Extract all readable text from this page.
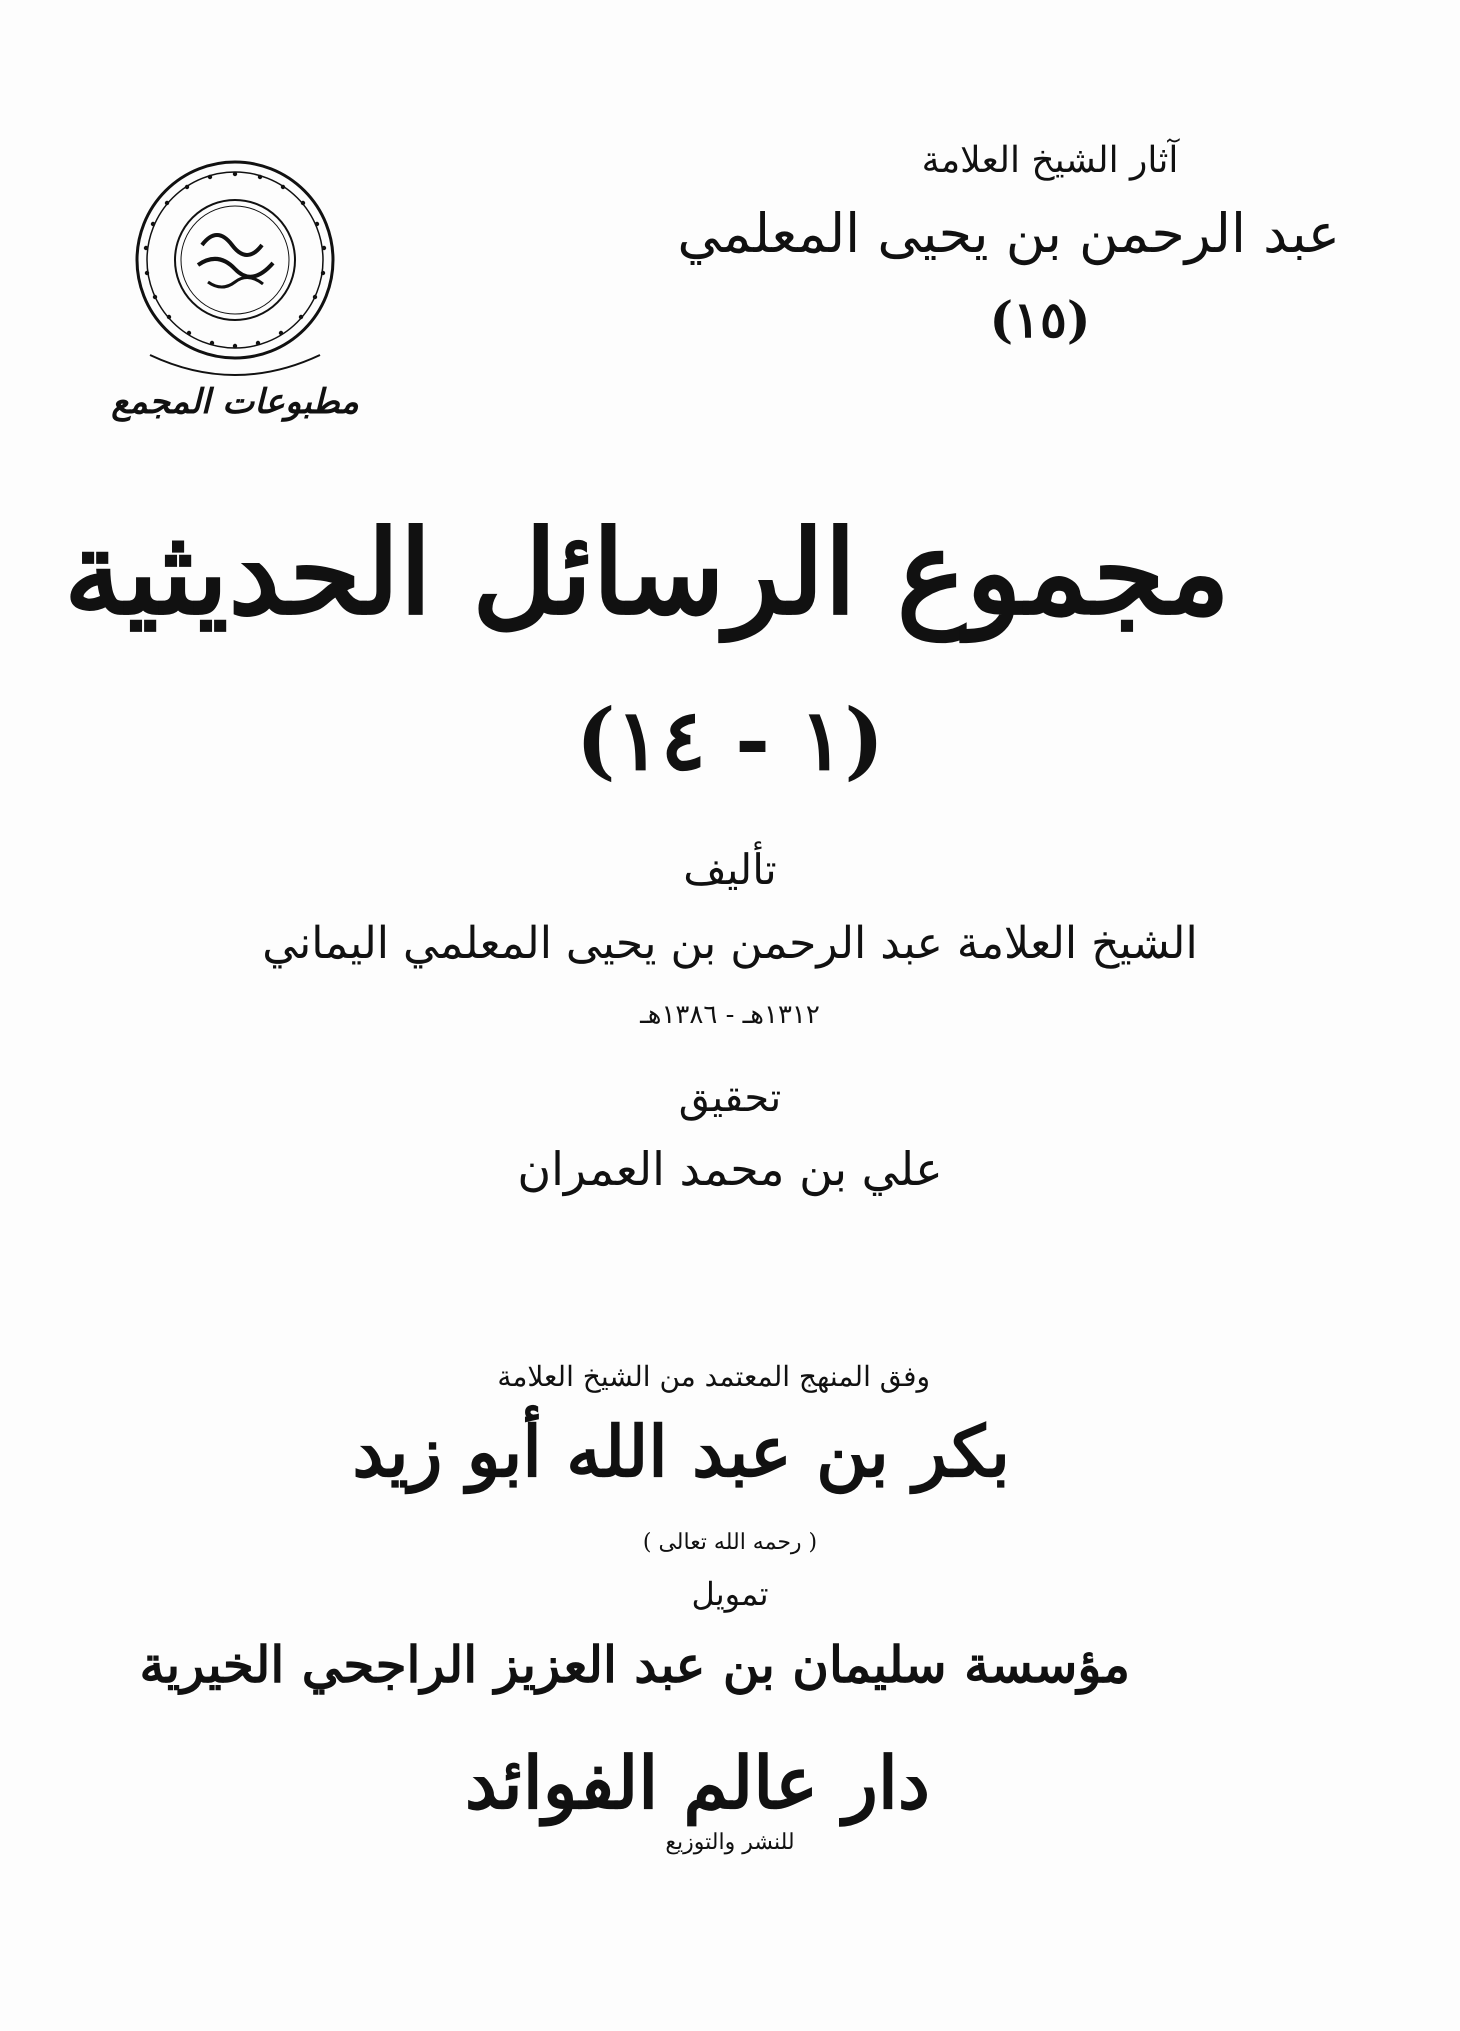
آثار الشيخ العلامة
عبد الرحمن بن يحيى المعلمي
(١٥)
مطبوعات المجمع
مجموع الرسائل الحديثية
(١ - ١٤)
تأليف
الشيخ العلامة عبد الرحمن بن يحيى المعلمي اليماني
١٣١٢هـ - ١٣٨٦هـ
تحقيق
علي بن محمد العمران
وفق المنهج المعتمد من الشيخ العلامة
بكر بن عبد الله أبو زيد
( رحمه الله تعالى )
تمويل
مؤسسة سليمان بن عبد العزيز الراجحي الخيرية
دار عالم الفوائد
للنشر والتوزيع
